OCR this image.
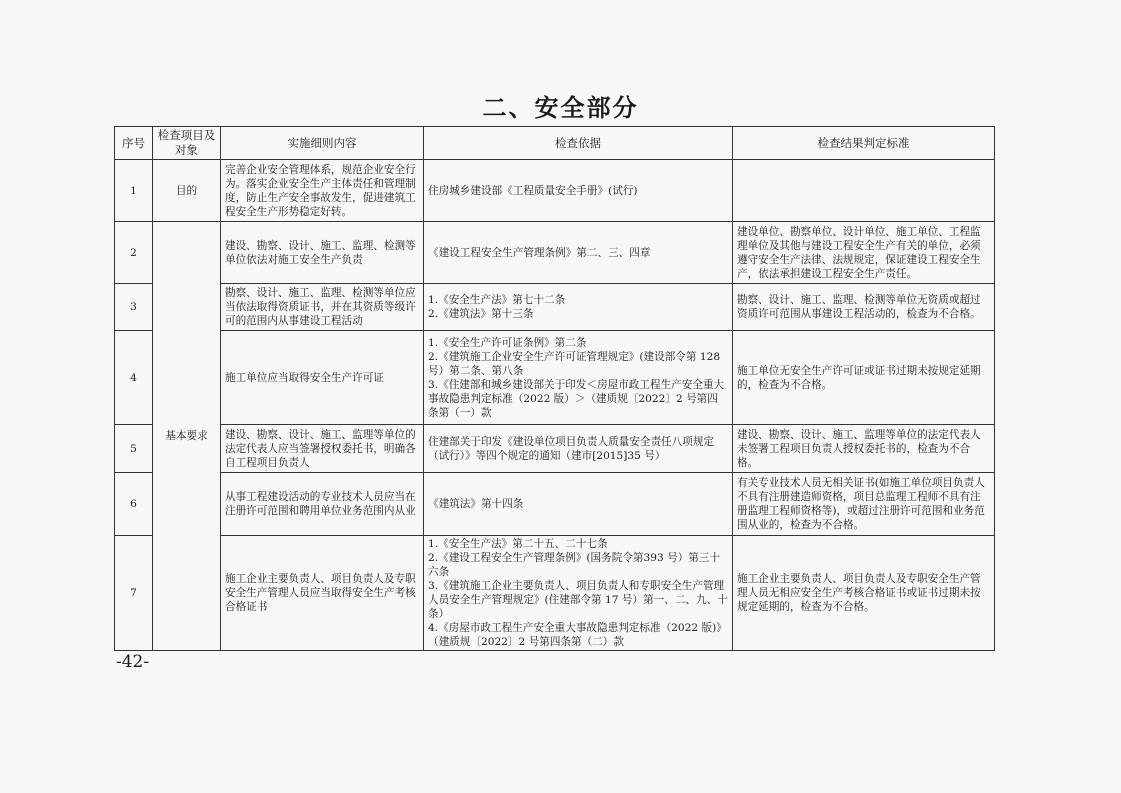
二、安全部分
序号	检查项目及对象	实施细则内容	检查依据	检查结果判定标准
1	目的	完善企业安全管理体系，规范企业安全行为。落实企业安全生产主体责任和管理制度，防止生产安全事故发生，促进建筑工程安全生产形势稳定好转。	住房城乡建设部《工程质量安全手册》(试行)	

2	基本要求	建设、勘察、设计、施工、监理、检测等单位依法对施工安全生产负责	《建设工程安全生产管理条例》第二、三、四章	建设单位、勘察单位、设计单位、施工单位、工程监理单位及其他与建设工程安全生产有关的单位，必须遵守安全生产法律、法规规定，保证建设工程安全生产，依法承担建设工程安全生产责任。
3		勘察、设计、施工、监理、检测等单位应当依法取得资质证书，并在其资质等级许可的范围内从事建设工程活动	1.《安全生产法》第七十二条
2.《建筑法》第十三条	勘察、设计、施工、监理、检测等单位无资质或超过资质许可范围从事建设工程活动的，检查为不合格。
4		施工单位应当取得安全生产许可证	1.《安全生产许可证条例》第二条
2.《建筑施工企业安全生产许可证管理规定》(建设部令第 128 号）第二条、第八条
3.《住建部和城乡建设部关于印发＜房屋市政工程生产安全重大事故隐患判定标准（2022 版）＞（建质规〔2022〕2 号第四条第（一）款	施工单位无安全生产许可证或证书过期未按规定延期的，检查为不合格。
5		建设、勘察、设计、施工、监理等单位的法定代表人应当签署授权委托书，明确各自工程项目负责人	住建部关于印发《建设单位项目负责人质量安全责任八项规定（试行）》等四个规定的通知（建市[2015]35 号）	建设、勘察、设计、施工、监理等单位的法定代表人未签署工程项目负责人授权委托书的，检查为不合格。
6		从事工程建设活动的专业技术人员应当在注册许可范围和聘用单位业务范围内从业	《建筑法》第十四条	有关专业技术人员无相关证书(如施工单位项目负责人不具有注册建造师资格，项目总监理工程师不具有注册监理工程师资格等)，或超过注册许可范围和业务范围从业的，检查为不合格。
7		施工企业主要负责人、项目负责人及专职安全生产管理人员应当取得安全生产考核合格证书	1.《安全生产法》第二十五、二十七条
2.《建设工程安全生产管理条例》(国务院令第393 号）第三十六条
3.《建筑施工企业主要负责人、项目负责人和专职安全生产管理人员安全生产管理规定》(住建部令第 17 号）第一、二、九、十条）
4.《房屋市政工程生产安全重大事故隐患判定标准（2022 版)》（建质规〔2022〕2 号第四条第（二）款	施工企业主要负责人、项目负责人及专职安全生产管理人员无相应安全生产考核合格证书或证书过期未按规定延期的，检查为不合格。
-42-
